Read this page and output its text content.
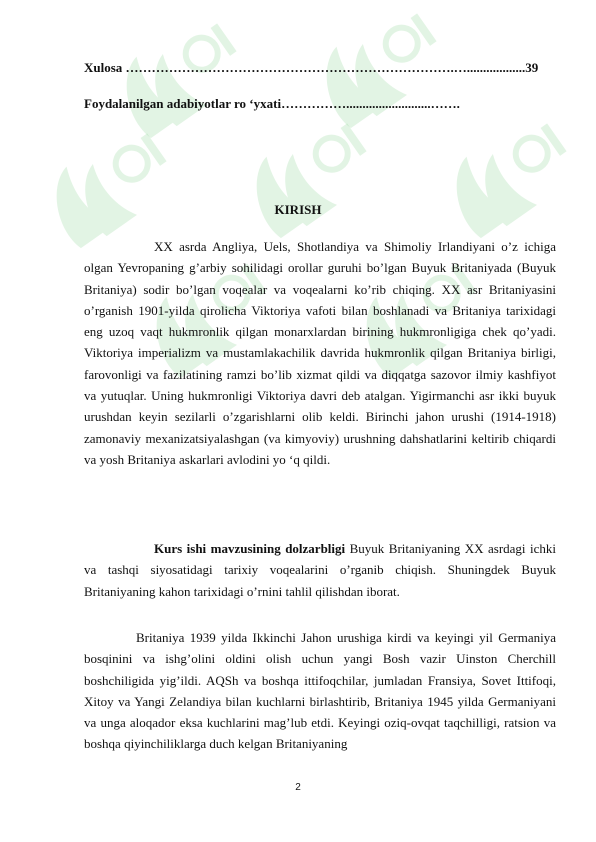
Xulosa ………………………………………………………………….…..................39
Foydalanilgan adabiyotlar ro ‘yxati……………..........................…….
KIRISH
XX asrda Angliya, Uels, Shotlandiya va Shimoliy Irlandiyani o’z ichiga olgan Yevropaning g’arbiy sohilidagi orollar guruhi bo’lgan Buyuk Britaniyada (Buyuk Britaniya) sodir bo’lgan voqealar va voqealarni ko’rib chiqing. XX asr Britaniyasini o’rganish 1901-yilda qirolicha Viktoriya vafoti bilan boshlanadi va Britaniya tarixidagi eng uzoq vaqt hukmronlik qilgan monarxlardan birining hukmronligiga chek qo’yadi. Viktoriya imperializm va mustamlakachilik davrida hukmronlik qilgan Britaniya birligi, farovonligi va fazilatining ramzi bo’lib xizmat qildi va diqqatga sazovor ilmiy kashfiyot va yutuqlar. Uning hukmronligi Viktoriya davri deb atalgan. Yigirmanchi asr ikki buyuk urushdan keyin sezilarli o’zgarishlarni olib keldi. Birinchi jahon urushi (1914-1918) zamonaviy mexanizatsiyalashgan (va kimyoviy) urushning dahshatlarini keltirib chiqardi va yosh Britaniya askarlari avlodini yo ‘q qildi.
Kurs ishi mavzusining dolzarbligi Buyuk Britaniyaning XX asrdagi ichki va tashqi siyosatidagi tarixiy voqealarini o’rganib chiqish. Shuningdek Buyuk Britaniyaning kahon tarixidagi o’rnini tahlil qilishdan iborat.
Britaniya 1939 yilda Ikkinchi Jahon urushiga kirdi va keyingi yil Germaniya bosqinini va ishg’olini oldini olish uchun yangi Bosh vazir Uinston Cherchill boshchiligida yig’ildi. AQSh va boshqa ittifoqchilar, jumladan Fransiya, Sovet Ittifoqi, Xitoy va Yangi Zelandiya bilan kuchlarni birlashtirib, Britaniya 1945 yilda Germaniyani va unga aloqador eksa kuchlarini mag’lub etdi. Keyingi oziq-ovqat taqchilligi, ratsion va boshqa qiyinchiliklarga duch kelgan Britaniyaning
2
